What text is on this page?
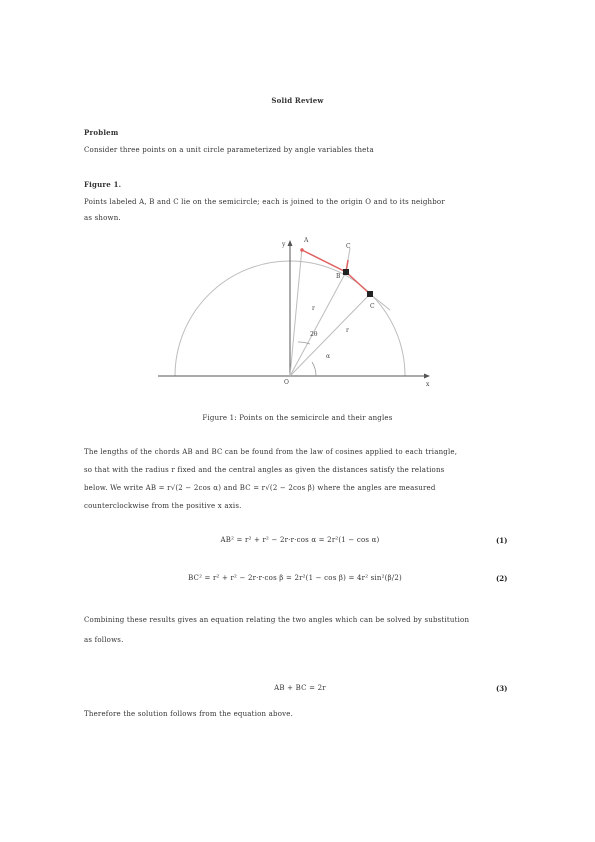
Solid Review
Problem
Consider three points on a unit circle parameterized by angle variables theta
Figure 1.
Points labeled A, B and C lie on the semicircle; each is joined to the origin O and to its neighbor
as shown.
y
A
B
C
C
r
r
2θ
α
O	x
Figure 1: Points on the semicircle and their angles
The lengths of the chords AB and BC can be found from the law of cosines applied to each triangle,
so that with the radius r fixed and the central angles as given the distances satisfy the relations
below. We write AB = r√(2 − 2cos α) and BC = r√(2 − 2cos β) where the angles are measured
counterclockwise from the positive x axis.
AB² = r² + r² − 2r·r·cos α = 2r²(1 − cos α)	(1)
BC² = r² + r² − 2r·r·cos β = 2r²(1 − cos β) = 4r² sin²(β/2)	(2)
Combining these results gives an equation relating the two angles which can be solved by substitution
as follows.
AB + BC = 2r	(3)
Therefore the solution follows from the equation above.
